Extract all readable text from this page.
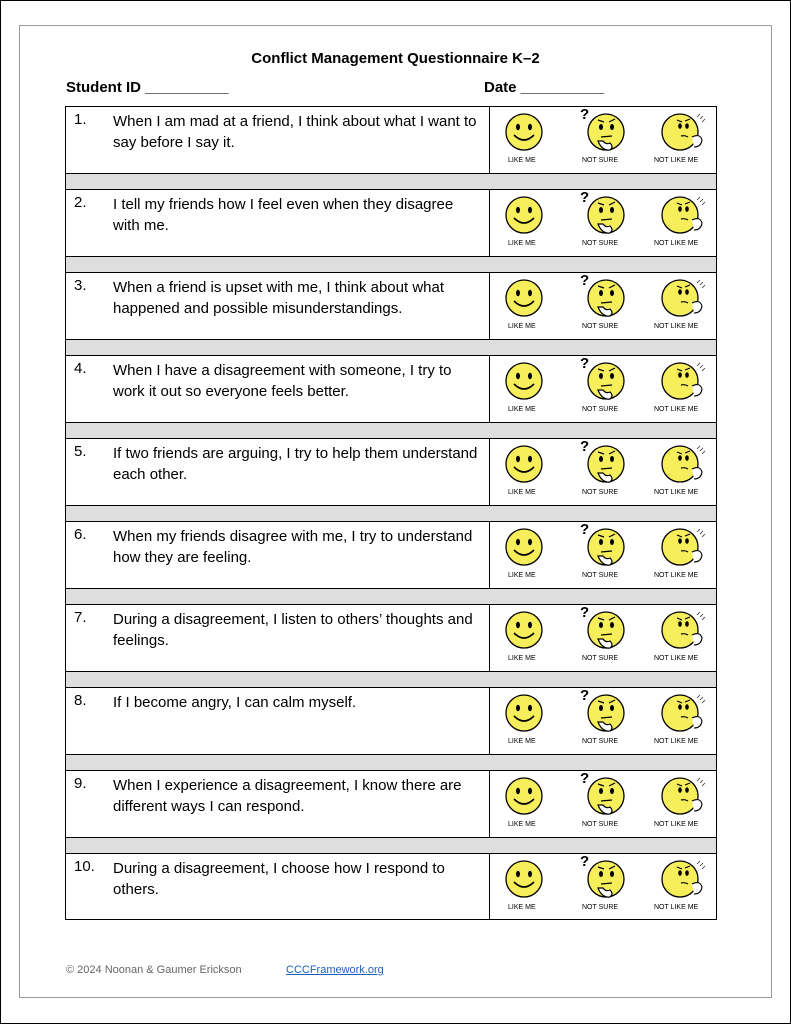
Conflict Management Questionnaire K–2
Student ID __________	Date __________
1. When I am mad at a friend, I think about what I want to say before I say it.
LIKE ME
?
NOT SURE	NOT LIKE ME
2. I tell my friends how I feel even when they disagree with me.
LIKE ME
?
NOT SURE	NOT LIKE ME
3. When a friend is upset with me, I think about what happened and possible misunderstandings.
LIKE ME
?
NOT SURE	NOT LIKE ME
4. When I have a disagreement with someone, I try to work it out so everyone feels better.
LIKE ME
?
NOT SURE	NOT LIKE ME
5. If two friends are arguing, I try to help them understand each other.
LIKE ME
?
NOT SURE	NOT LIKE ME
6. When my friends disagree with me, I try to understand how they are feeling.
LIKE ME
?
NOT SURE	NOT LIKE ME
7. During a disagreement, I listen to others’ thoughts and feelings.
LIKE ME
?
NOT SURE	NOT LIKE ME
8. If I become angry, I can calm myself.
LIKE ME
?
NOT SURE	NOT LIKE ME
9. When I experience a disagreement, I know there are different ways I can respond.
LIKE ME
?
NOT SURE	NOT LIKE ME
10. During a disagreement, I choose how I respond to others.
LIKE ME
?
NOT SURE	NOT LIKE ME
© 2024 Noonan & Gaumer Erickson	CCCFramework.org
